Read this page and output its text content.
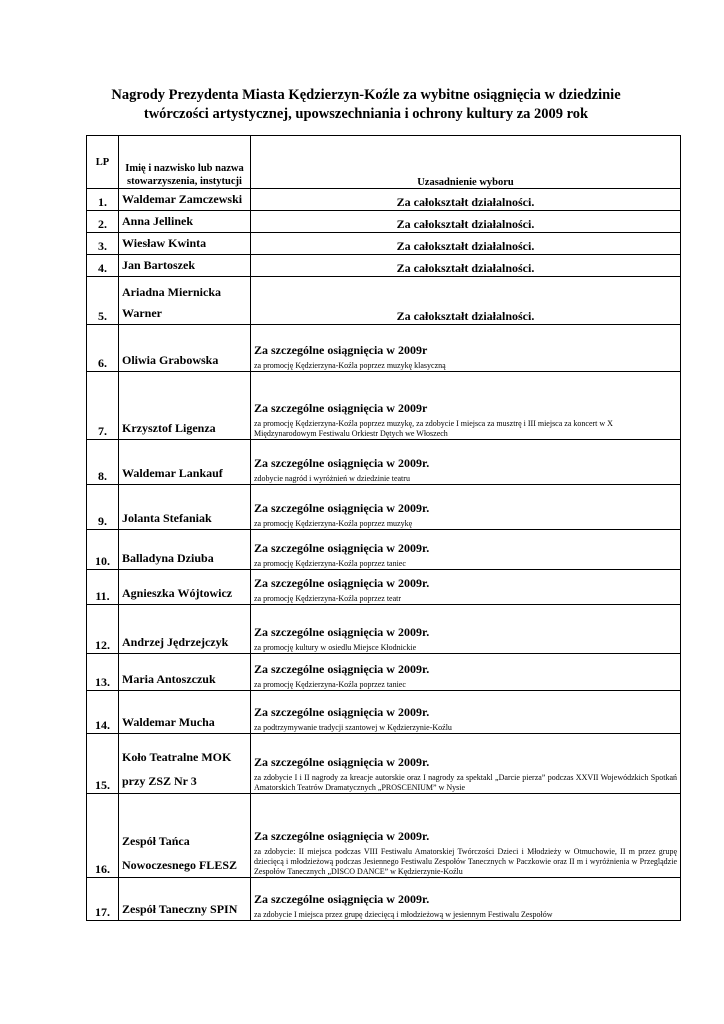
Nagrody Prezydenta Miasta Kędzierzyn-Koźle za wybitne osiągnięcia w dziedzinie twórczości artystycznej, upowszechniania i ochrony kultury za 2009 rok
LP	Imię i nazwisko lub nazwa stowarzyszenia, instytucji	Uzasadnienie wyboru
1.	Waldemar Zamczewski	Za całokształt działalności.
2.	Anna Jellinek	Za całokształt działalności.
3.	Wiesław Kwinta	Za całokształt działalności.
4.	Jan Bartoszek	Za całokształt działalności.
5.	Ariadna Miernicka Warner	Za całokształt działalności.
6.	Oliwia Grabowska	Za szczególne osiągnięcia w 2009r
za promocję Kędzierzyna-Koźla poprzez muzykę klasyczną

7.	Krzysztof Ligenza	Za szczególne osiągnięcia w 2009r
za promocję Kędzierzyna-Koźla poprzez muzykę, za zdobycie I miejsca za musztrę i III miejsca za koncert w X Międzynarodowym Festiwalu Orkiestr Dętych we Włoszech

8.	Waldemar Lankauf	Za szczególne osiągnięcia w 2009r.
zdobycie nagród i wyróżnień w dziedzinie teatru

9.	Jolanta Stefaniak	Za szczególne osiągnięcia w 2009r.
za promocję Kędzierzyna-Koźla poprzez muzykę

10.	Balladyna Dziuba	Za szczególne osiągnięcia w 2009r.
za promocję Kędzierzyna-Koźla poprzez taniec

11.	Agnieszka Wójtowicz	Za szczególne osiągnięcia w 2009r.
za promocję Kędzierzyna-Koźla poprzez teatr

12.	Andrzej Jędrzejczyk	Za szczególne osiągnięcia w 2009r.
za promocję kultury w osiedlu Miejsce Kłodnickie

13.	Maria Antoszczuk	Za szczególne osiągnięcia w 2009r.
za promocję Kędzierzyna-Koźla poprzez taniec

14.	Waldemar Mucha	Za szczególne osiągnięcia w 2009r.
za podtrzymywanie tradycji szantowej w Kędzierzynie-Koźlu

15.	Koło Teatralne MOK przy ZSZ Nr 3	Za szczególne osiągnięcia w 2009r.
za zdobycie I i II nagrody za kreacje autorskie oraz I nagrody za spektakl „Darcie pierza” podczas XXVII Wojewódzkich Spotkań Amatorskich Teatrów Dramatycznych „PROSCENIUM” w Nysie

16.	Zespół Tańca Nowoczesnego FLESZ	Za szczególne osiągnięcia w 2009r.
za zdobycie: II miejsca podczas VIII Festiwalu Amatorskiej Twórczości Dzieci i Młodzieży w Otmuchowie, II m przez grupę dziecięcą i młodzieżową podczas Jesiennego Festiwalu Zespołów Tanecznych w Paczkowie oraz II m i wyróżnienia w Przeglądzie Zespołów Tanecznych „DISCO DANCE” w Kędzierzynie-Koźlu

17.	Zespół Taneczny SPIN	Za szczególne osiągnięcia w 2009r.
za zdobycie I miejsca przez grupę dziecięcą i młodzieżową w jesiennym Festiwalu Zespołów
